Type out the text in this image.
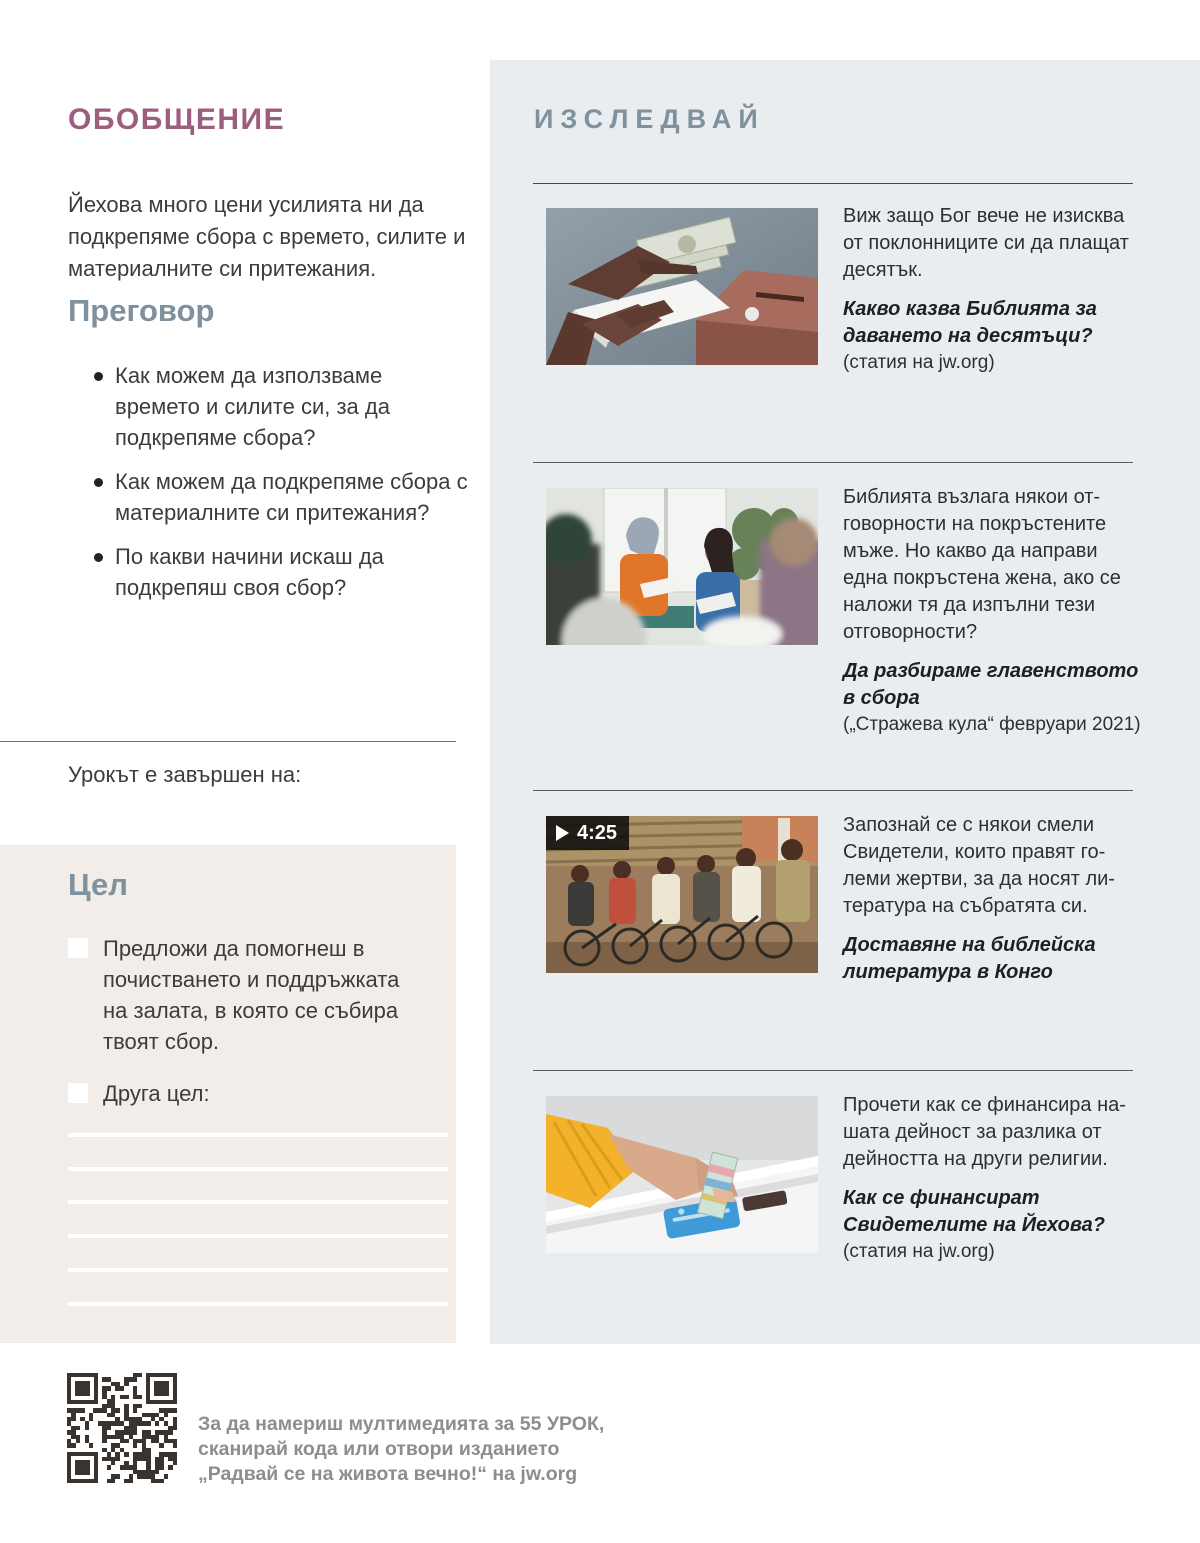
ОБОБЩЕНИЕ

Йехова много цени усилията ни да подкрепяме сбора с времето, силите и материалните си притежания.

Преговор
Как можем да използваме времето и силите си, за да подкрепяме сбора?
Как можем да подкрепяме сбора с материалните си притежания?
По какви начини искаш да подкрепяш своя сбор?
Урокът е завършен на:
Цел
Предложи да помогнеш в почистването и поддръжката на залата, в която се събира твоят сбор.
Друга цел:
За да намериш мултимедията за 55 УРОК,
сканирай кода или отвори изданието
„Радвай се на живота вечно!“ на jw.org
ИЗСЛЕДВАЙ

Виж защо Бог вече не изисква от поклонниците си да плащат десятък.

Какво казва Библията за даването на десятъци?

(статия на jw.org)

Библията възлага някои отговорности на покръстените мъже. Но какво да направи една покръстена жена, ако се наложи тя да изпълни тези отговорности?

Да разбираме главенството в сбора

(„Стражева кула“ февруари 2021)

4:25	Запознай се с някои смели Свидетели, които правят големи жертви, за да носят литература на събратята си.

Доставяне на библейска литература в Конго

Прочети как се финансира нашата дейност за разлика от дейността на други религии.

Как се финансират Свидетелите на Йехова?

(статия на jw.org)
